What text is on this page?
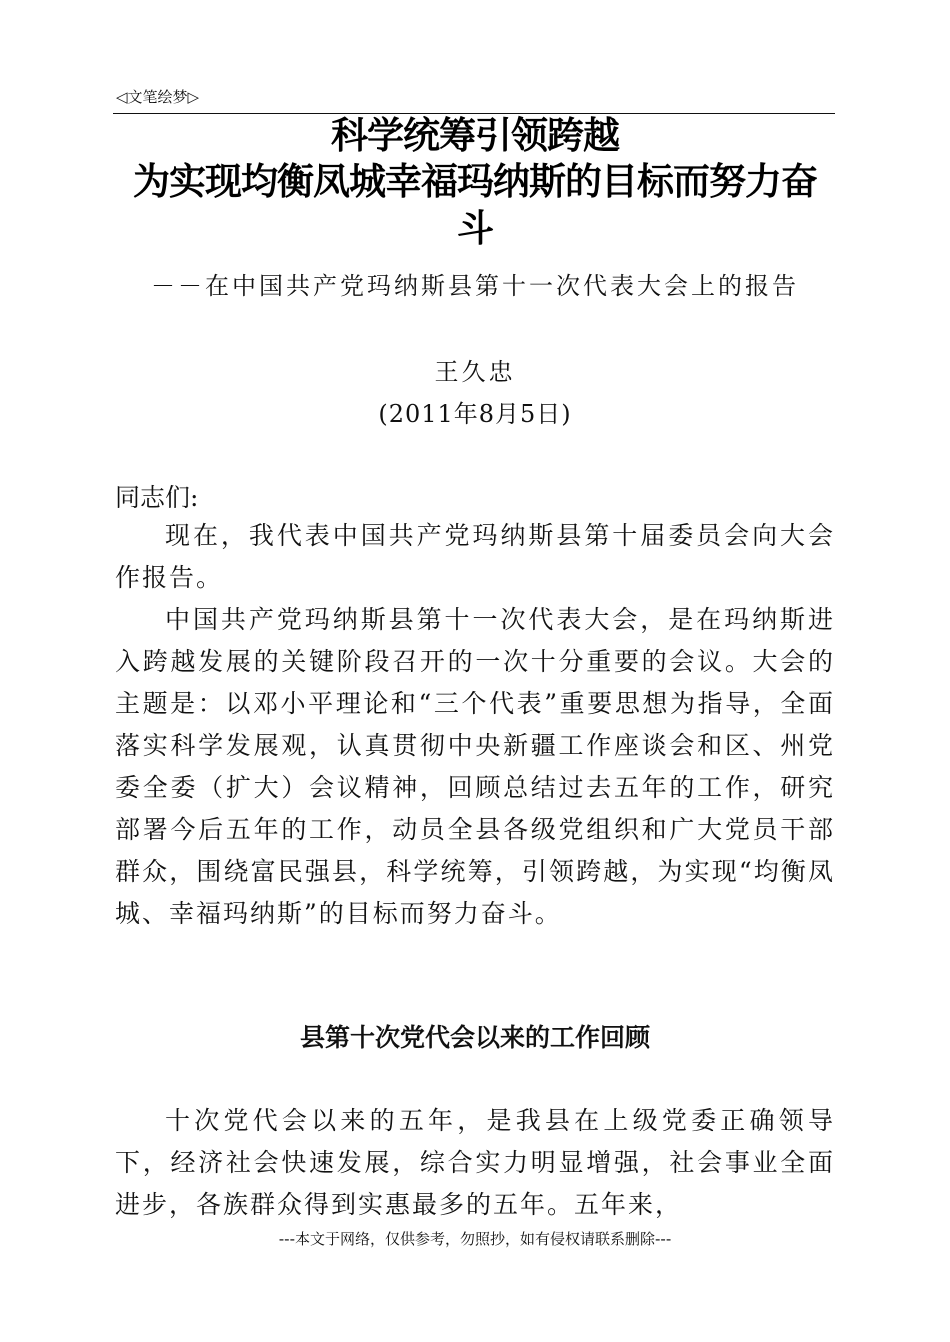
◁文笔绘梦▷
科学统筹引领跨越
为实现均衡凤城幸福玛纳斯的目标而努力奋
斗
－－在中国共产党玛纳斯县第十一次代表大会上的报告
王久忠
(2011年8月5日)
同志们:

现在，我代表中国共产党玛纳斯县第十届委员会向大会作报告。

中国共产党玛纳斯县第十一次代表大会，是在玛纳斯进入跨越发展的关键阶段召开的一次十分重要的会议。大会的主题是：以邓小平理论和“三个代表”重要思想为指导，全面落实科学发展观，认真贯彻中央新疆工作座谈会和区、州党委全委（扩大）会议精神，回顾总结过去五年的工作，研究部署今后五年的工作，动员全县各级党组织和广大党员干部群众，围绕富民强县，科学统筹，引领跨越，为实现“均衡凤城、幸福玛纳斯”的目标而努力奋斗。

县第十次党代会以来的工作回顾

十次党代会以来的五年，是我县在上级党委正确领导下，经济社会快速发展，综合实力明显增强，社会事业全面进步，各族群众得到实惠最多的五年。五年来，

---本文于网络，仅供参考，勿照抄，如有侵权请联系删除---
